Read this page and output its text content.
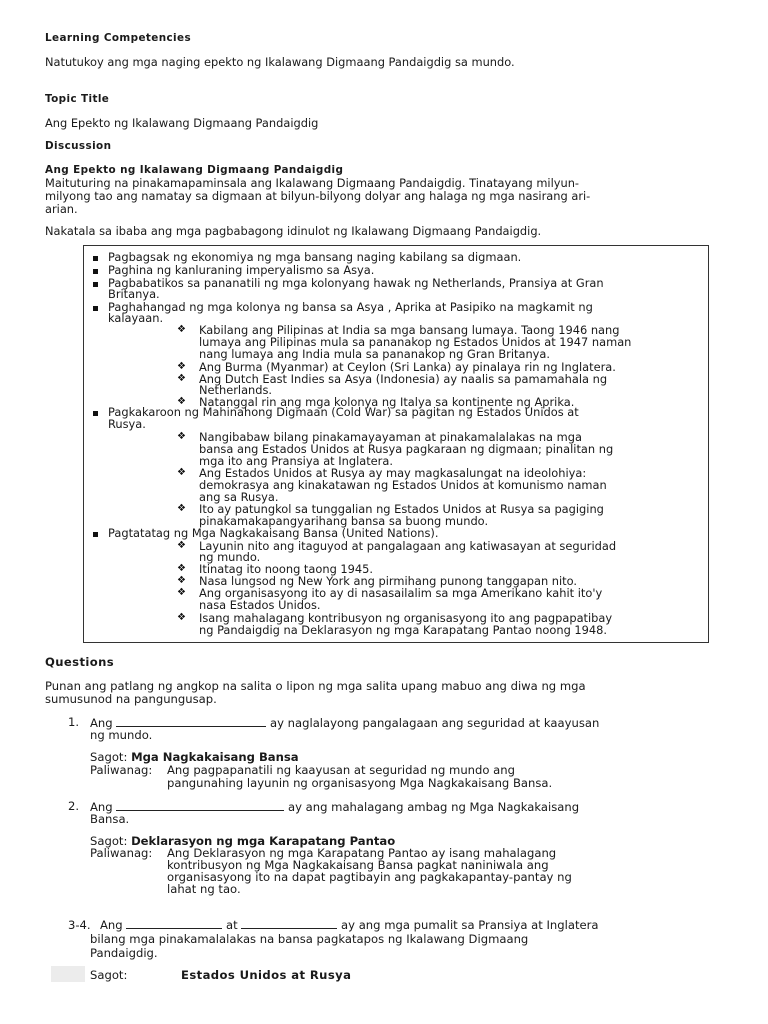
Learning Competencies
Natutukoy ang mga naging epekto ng Ikalawang Digmaang Pandaigdig sa mundo.
Topic Title
Ang Epekto ng Ikalawang Digmaang Pandaigdig
Discussion
Ang Epekto ng Ikalawang Digmaang Pandaigdig
Maituturing na pinakamapaminsala ang Ikalawang Digmaang Pandaigdig. Tinatayang milyun-
milyong tao ang namatay sa digmaan at bilyun-bilyong dolyar ang halaga ng mga nasirang ari-
arian.
Nakatala sa ibaba ang mga pagbabagong idinulot ng Ikalawang Digmaang Pandaigdig.
Pagbagsak ng ekonomiya ng mga bansang naging kabilang sa digmaan.
Paghina ng kanluraning imperyalismo sa Asya.
Pagbabatikos sa pananatili ng mga kolonyang hawak ng Netherlands, Pransiya at Gran
Britanya.
Paghahangad ng mga kolonya ng bansa sa Asya , Aprika at Pasipiko na magkamit ng
kalayaan.
❖ Kabilang ang Pilipinas at India sa mga bansang lumaya. Taong 1946 nang
lumaya ang Pilipinas mula sa pananakop ng Estados Unidos at 1947 naman
nang lumaya ang India mula sa pananakop ng Gran Britanya.
❖ Ang Burma (Myanmar) at Ceylon (Sri Lanka) ay pinalaya rin ng Inglatera.
❖ Ang Dutch East Indies sa Asya (Indonesia) ay naalis sa pamamahala ng
Netherlands.
❖ Natanggal rin ang mga kolonya ng Italya sa kontinente ng Aprika.
Pagkakaroon ng Mahinahong Digmaan (Cold War) sa pagitan ng Estados Unidos at
Rusya.
❖ Nangibabaw bilang pinakamayayaman at pinakamalalakas na mga
bansa ang Estados Unidos at Rusya pagkaraan ng digmaan; pinalitan ng
mga ito ang Pransiya at Inglatera.
❖ Ang Estados Unidos at Rusya ay may magkasalungat na ideolohiya:
demokrasya ang kinakatawan ng Estados Unidos at komunismo naman
ang sa Rusya.
❖ Ito ay patungkol sa tunggalian ng Estados Unidos at Rusya sa pagiging
pinakamakapangyarihang bansa sa buong mundo.
Pagtatatag ng Mga Nagkakaisang Bansa (United Nations).
❖ Layunin nito ang itaguyod at pangalagaan ang katiwasayan at seguridad
ng mundo.
❖ Itinatag ito noong taong 1945.
❖ Nasa lungsod ng New York ang pirmihang punong tanggapan nito.
❖ Ang organisasyong ito ay di nasasailalim sa mga Amerikano kahit ito'y
nasa Estados Unidos.
❖ Isang mahalagang kontribusyon ng organisasyong ito ang pagpapatibay
ng Pandaigdig na Deklarasyon ng mga Karapatang Pantao noong 1948.
Questions
Punan ang patlang ng angkop na salita o lipon ng mga salita upang mabuo ang diwa ng mga
sumusunod na pangungusap.
1. Ang	ay naglalayong pangalagaan ang seguridad at kaayusan
ng mundo.
Sagot: Mga Nagkakaisang Bansa
Paliwanag: Ang pagpapanatili ng kaayusan at seguridad ng mundo ang
pangunahing layunin ng organisasyong Mga Nagkakaisang Bansa.
2. Ang	ay ang mahalagang ambag ng Mga Nagkakaisang
Bansa.
Sagot: Deklarasyon ng mga Karapatang Pantao
Paliwanag: Ang Deklarasyon ng mga Karapatang Pantao ay isang mahalagang
kontribusyon ng Mga Nagkakaisang Bansa pagkat naniniwala ang
organisasyong ito na dapat pagtibayin ang pagkakapantay-pantay ng
lahat ng tao.
3-4. Ang	at	ay ang mga pumalit sa Pransiya at Inglatera
bilang mga pinakamalalakas na bansa pagkatapos ng Ikalawang Digmaang
Pandaigdig.
Sagot:	Estados Unidos at Rusya
